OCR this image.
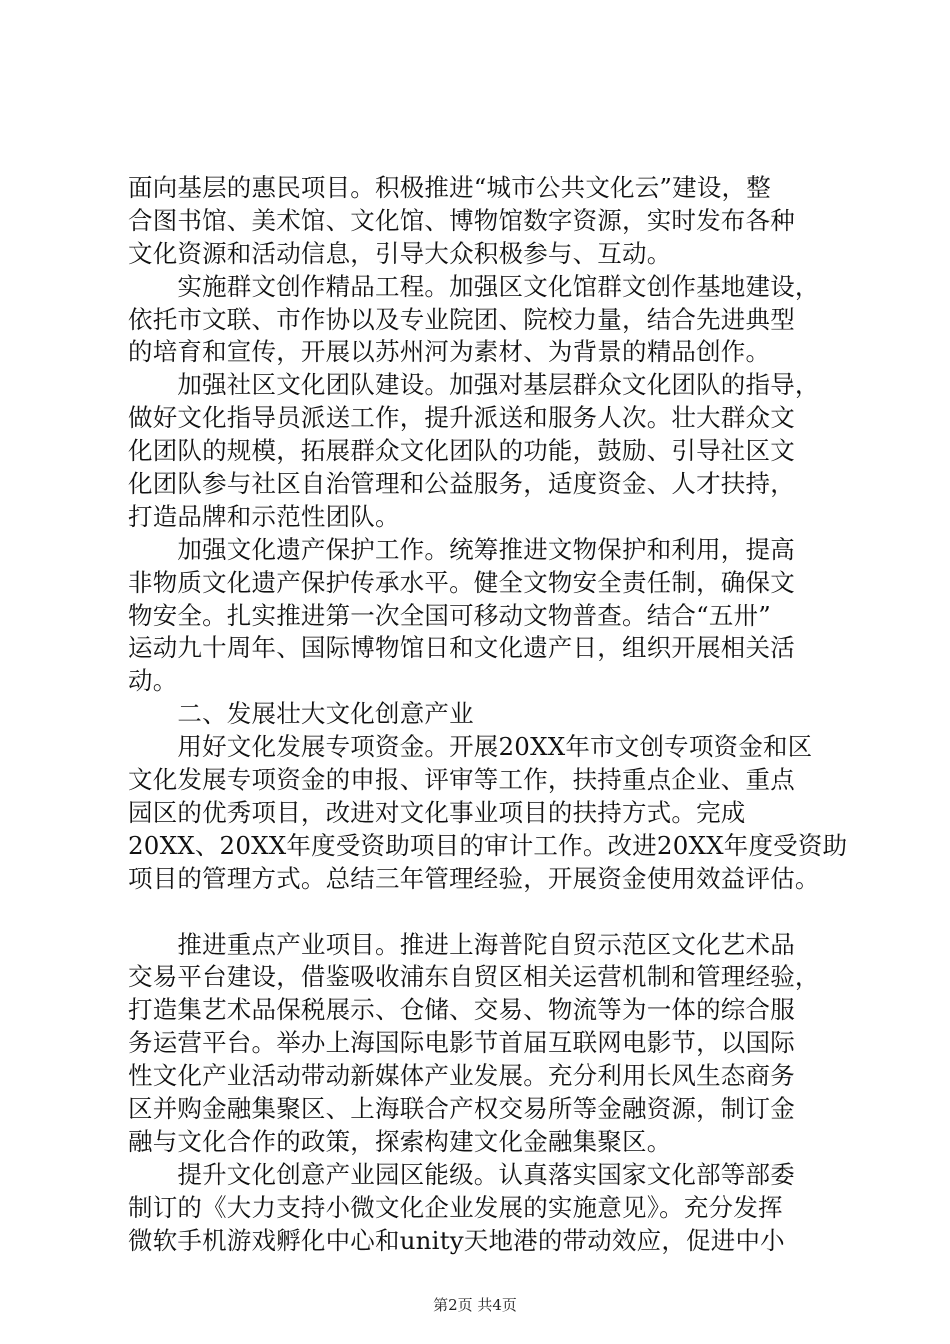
面向基层的惠民项目。积极推进“城市公共文化云”建设，整
合图书馆、美术馆、文化馆、博物馆数字资源，实时发布各种
文化资源和活动信息，引导大众积极参与、互动。
　　实施群文创作精品工程。加强区文化馆群文创作基地建设，
依托市文联、市作协以及专业院团、院校力量，结合先进典型
的培育和宣传，开展以苏州河为素材、为背景的精品创作。
　　加强社区文化团队建设。加强对基层群众文化团队的指导，
做好文化指导员派送工作，提升派送和服务人次。壮大群众文
化团队的规模，拓展群众文化团队的功能，鼓励、引导社区文
化团队参与社区自治管理和公益服务，适度资金、人才扶持，
打造品牌和示范性团队。
　　加强文化遗产保护工作。统筹推进文物保护和利用，提高
非物质文化遗产保护传承水平。健全文物安全责任制，确保文
物安全。扎实推进第一次全国可移动文物普查。结合“五卅”
运动九十周年、国际博物馆日和文化遗产日，组织开展相关活
动。
　　二、发展壮大文化创意产业
　　用好文化发展专项资金。开展20XX年市文创专项资金和区
文化发展专项资金的申报、评审等工作，扶持重点企业、重点
园区的优秀项目，改进对文化事业项目的扶持方式。完成
20XX、20XX年度受资助项目的审计工作。改进20XX年度受资助
项目的管理方式。总结三年管理经验，开展资金使用效益评估。
　　推进重点产业项目。推进上海普陀自贸示范区文化艺术品
交易平台建设，借鉴吸收浦东自贸区相关运营机制和管理经验，
打造集艺术品保税展示、仓储、交易、物流等为一体的综合服
务运营平台。举办上海国际电影节首届互联网电影节，以国际
性文化产业活动带动新媒体产业发展。充分利用长风生态商务
区并购金融集聚区、上海联合产权交易所等金融资源，制订金
融与文化合作的政策，探索构建文化金融集聚区。
　　提升文化创意产业园区能级。认真落实国家文化部等部委
制订的《大力支持小微文化企业发展的实施意见》。充分发挥
微软手机游戏孵化中心和unity天地港的带动效应，促进中小
第2页 共4页
